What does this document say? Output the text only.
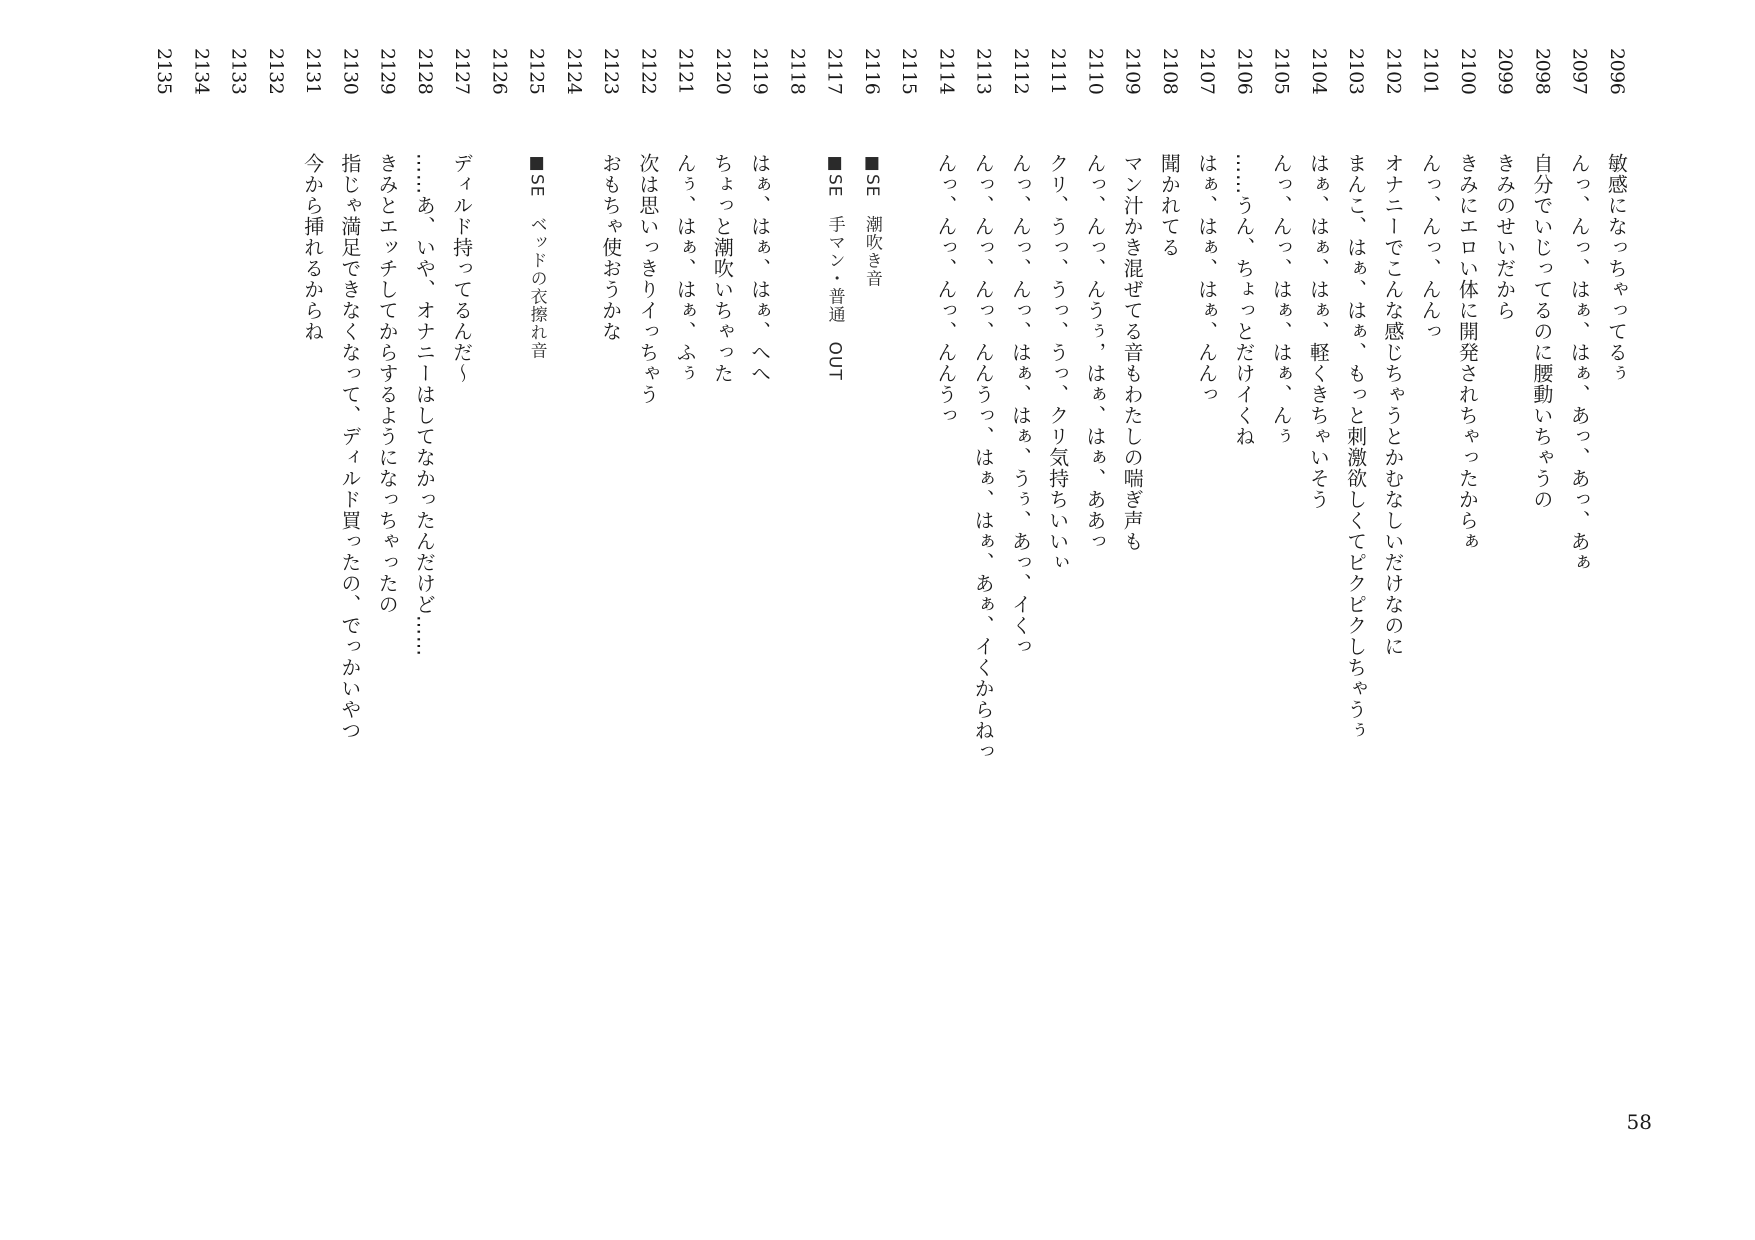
2096
敏感になっちゃってるぅ
2097
んっ、んっ、はぁ、はぁ、あっ、あっ、あぁ
2098
自分でいじってるのに腰動いちゃうの
2099
きみのせいだから
2100
きみにエロい体に開発されちゃったからぁ
2101
んっ、んっ、んんっ
2102
オナニーでこんな感じちゃうとかむなしいだけなのに
2103
まんこ、はぁ、はぁ、もっと刺激欲しくてピクピクしちゃうぅ
2104
はぁ、はぁ、はぁ、軽くきちゃいそう
2105
んっ、んっ、はぁ、はぁ、んぅ
2106
……うん、ちょっとだけイくね
2107
はぁ、はぁ、はぁ、んんっ
2108
聞かれてる
2109
マン汁かき混ぜてる音もわたしの喘ぎ声も
2110
んっ、んっ、んうぅ，はぁ、はぁ、ああっ
2111
クリ、うっ、うっ、うっ、クリ気持ちいいぃ
2112
んっ、んっ、んっ、はぁ、はぁ、うぅ、あっ、イくっ
2113
んっ、んっ、んっ、んんうっ、はぁ、はぁ、あぁ、イくからねっ
2114
んっ、んっ、んっ、んんうっ
2115
2116
■SE　潮吹き音
2117
■SE　手マン・普通　OUT
2118
2119
はぁ、はぁ、はぁ、へへ
2120
ちょっと潮吹いちゃった
2121
んぅ、はぁ、はぁ、ふぅ
2122
次は思いっきりイっちゃう
2123
おもちゃ使おうかな
2124
2125
■SE　ベッドの衣擦れ音
2126
2127
ディルド持ってるんだ～
2128
……あ、いや、オナニーはしてなかったんだけど……
2129
きみとエッチしてからするようになっちゃったの
2130
指じゃ満足できなくなって、ディルド買ったの、でっかいやつ
2131
今から挿れるからね
2132
2133
2134
2135
58
